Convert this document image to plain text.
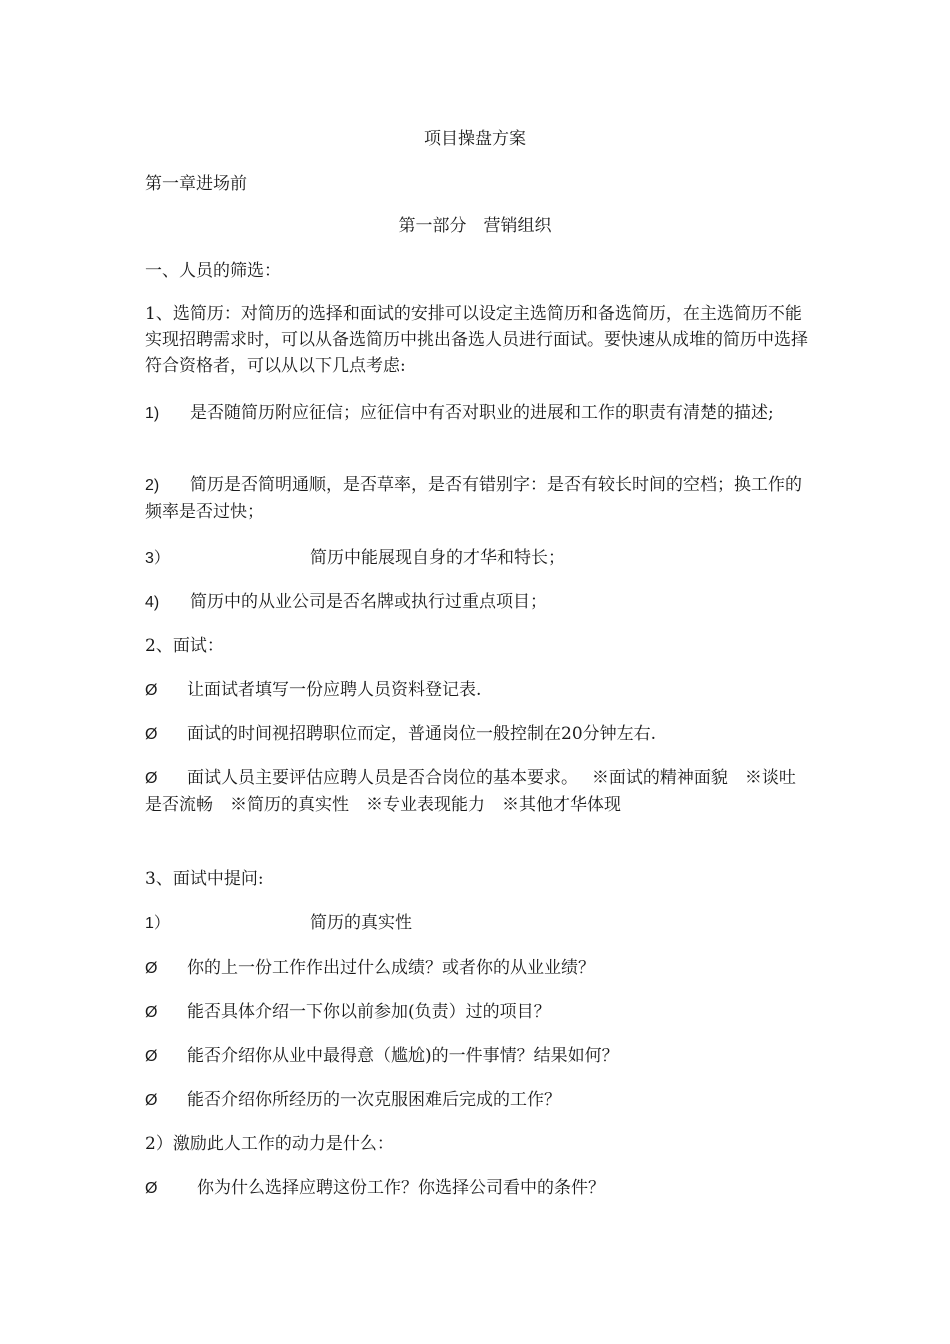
项目操盘方案
第一章进场前
第一部分　营销组织
一、人员的筛选：
1、选简历：对简历的选择和面试的安排可以设定主选简历和备选简历，在主选简历不能实现招聘需求时，可以从备选简历中挑出备选人员进行面试。要快速从成堆的简历中选择符合资格者，可以从以下几点考虑:
1) 是否随简历附应征信；应征信中有否对职业的进展和工作的职责有清楚的描述;
2) 简历是否简明通顺，是否草率，是否有错别字：是否有较长时间的空档；换工作的频率是否过快；
3）	简历中能展现自身的才华和特长；
4) 简历中的从业公司是否名牌或执行过重点项目；
2、面试：
Ø 让面试者填写一份应聘人员资料登记表.
Ø 面试的时间视招聘职位而定，普通岗位一般控制在20分钟左右.
Ø 面试人员主要评估应聘人员是否合岗位的基本要求。　 ※面试的精神面貌　※谈吐是否流畅　※简历的真实性　※专业表现能力　※其他才华体现
3、面试中提问:
1）	简历的真实性
Ø 你的上一份工作作出过什么成绩？或者你的从业业绩？
Ø 能否具体介绍一下你以前参加(负责）过的项目？
Ø 能否介绍你从业中最得意（尴尬)的一件事情？结果如何？
Ø 能否介绍你所经历的一次克服困难后完成的工作？
2）激励此人工作的动力是什么：
Ø 你为什么选择应聘这份工作？你选择公司看中的条件？
